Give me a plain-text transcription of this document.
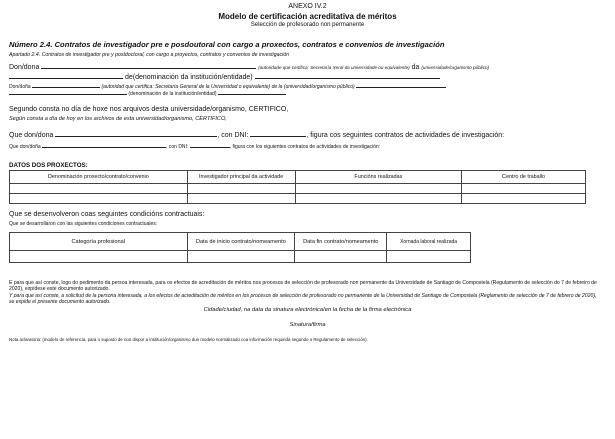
ANEXO IV.2
Modelo de certificación acreditativa de méritos
Selección de profesorado non permanente
Número 2.4. Contratos de investigador pre e posdoutoral con cargo a proxectos, contratos e convenios de investigación
Apartado 2.4. Contratos de investigador pre y postdoctoral, con cargo a proyectos, contratos y convenios de investigación
Don/dona	(autoridade que certifica: Secretaría Xeral da universidade ou equivalente) da (universidade/organismo público)
de(denominación da institución/entidade)
Don/doña	(autoridad que certifica: Secretaría General de la Universidad o equivalente) de la (universidad/organismo público)
(denominación de la institución/entidad)
Segundo consta no día de hoxe nos arquivos desta universidade/organismo, CERTIFICO,
Según consta a día de hoy en los archivos de esta universidad/organismo, CERTIFICO,
Que don/dona	, con DNI:	, figura cos seguintes contratos de actividades de investigación:
Que don/doña	, con DNI:	, figura con los siguientes contratos de actividades de investigación:
DATOS DOS PROXECTOS:
Denominación proxecto/contrato/convenio	Investigador principal da actividade	Funcións realizadas	Centro de traballo

Que se desenvolveron coas seguintes condicións contractuais:
Que se desarrollaron con las siguientes condiciones contractuales:
Categoría profesional	Data de inicio contrato/nomeamento	Data fin contrato/nomeamento	Xornada laboral realizada

E para que así conste, logo do pedimento da persoa interesada, para os efectos de acreditación de méritos nos procesos de selección de profesorado non permanente da Universidade de Santiago de Compostela (Regulamento de selección do 7 de febreiro de 2020), expídese este documento autorizado.
Y para que así conste, a solicitud de la persona interesada, a los efectos de acreditación de méritos en los procesos de selección de profesorado no permanente de la Universidad de Santiago de Compostela (Reglamento de selección de 7 de febrero de 2020), se expide el presente documento autorizado.
Cidade/ciudad, na data da sinatura electrónica/en la fecha de la firma electrónica
Sinatura/firma
Nota aclaratoria: (modelo de referencia, para o suposto de non dispor a institución/organismo dun modelo normalizado coa información requirida segundo o Regulamento de selección).
